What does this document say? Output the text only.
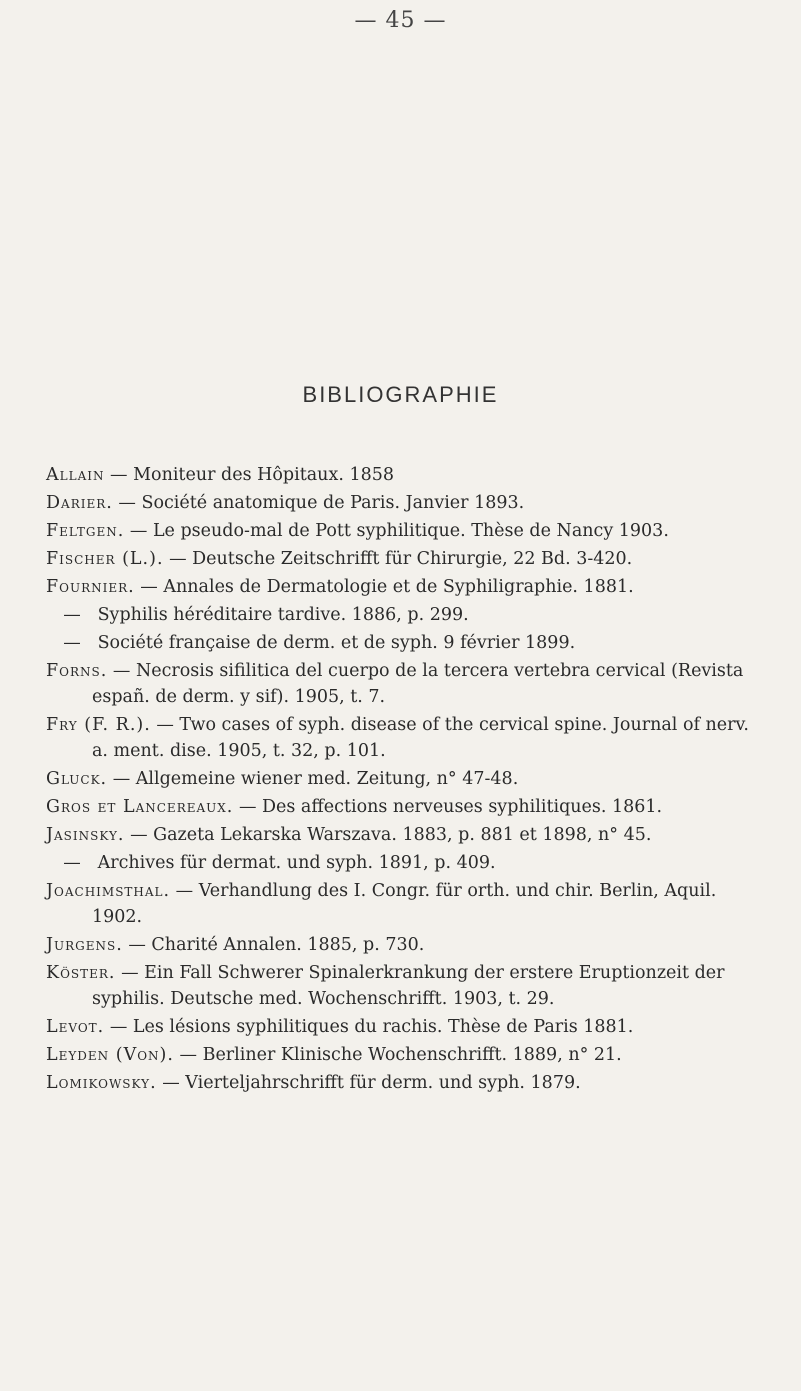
— 45 —
BIBLIOGRAPHIE
Allain — Moniteur des Hôpitaux. 1858
Darier. — Société anatomique de Paris. Janvier 1893.
Feltgen. — Le pseudo-mal de Pott syphilitique. Thèse de Nancy 1903.
Fischer (L.). — Deutsche Zeitschrifft für Chirurgie, 22 Bd. 3-420.
Fournier. — Annales de Dermatologie et de Syphiligraphie. 1881.
— Syphilis héréditaire tardive. 1886, p. 299.
— Société française de derm. et de syph. 9 février 1899.
Forns. — Necrosis sifilitica del cuerpo de la tercera vertebra cervical (Revista españ. de derm. y sif). 1905, t. 7.
Fry (F. R.). — Two cases of syph. disease of the cervical spine. Journal of nerv. a. ment. dise. 1905, t. 32, p. 101.
Gluck. — Allgemeine wiener med. Zeitung, n° 47-48.
Gros et Lancereaux. — Des affections nerveuses syphilitiques. 1861.
Jasinsky. — Gazeta Lekarska Warszava. 1883, p. 881 et 1898, n° 45.
— Archives für dermat. und syph. 1891, p. 409.
Joachimsthal. — Verhandlung des I. Congr. für orth. und chir. Berlin, Aquil. 1902.
Jurgens. — Charité Annalen. 1885, p. 730.
Köster. — Ein Fall Schwerer Spinalerkrankung der erstere Eruptionzeit der syphilis. Deutsche med. Wochenschrifft. 1903, t. 29.
Levot. — Les lésions syphilitiques du rachis. Thèse de Paris 1881.
Leyden (Von). — Berliner Klinische Wochenschrifft. 1889, n° 21.
Lomikowsky. — Vierteljahrschrifft für derm. und syph. 1879.
